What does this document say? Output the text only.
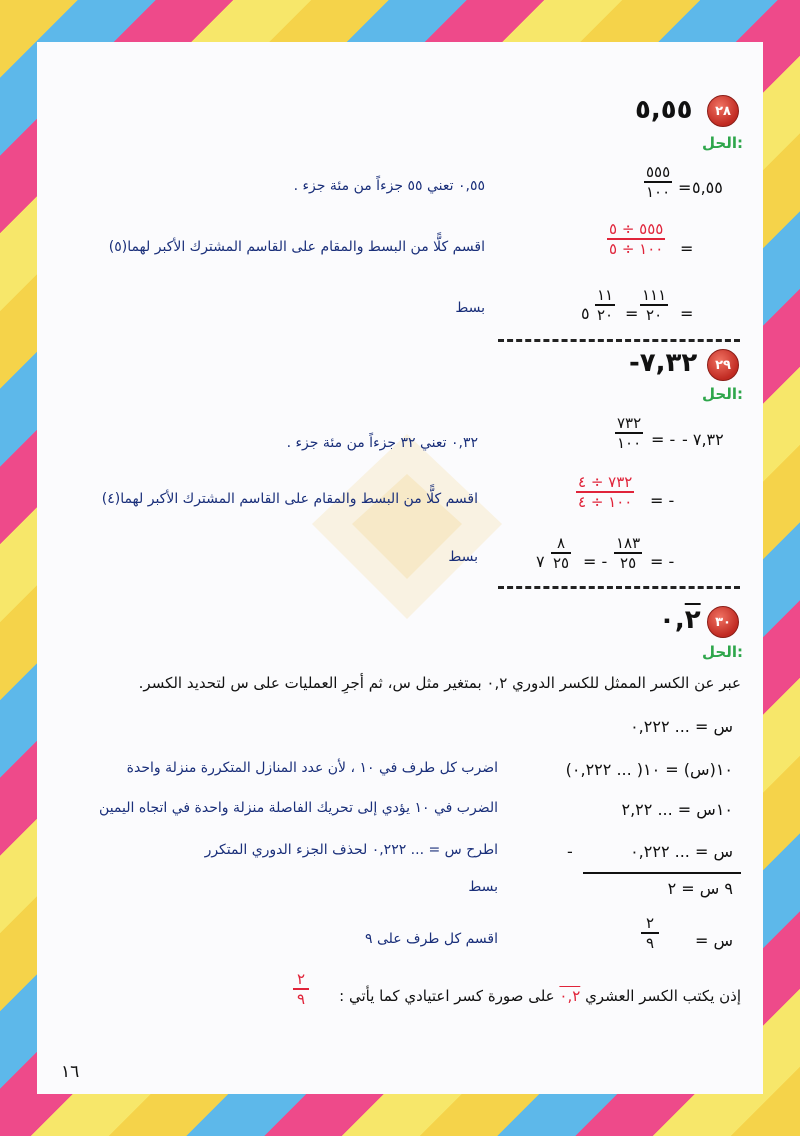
٢٨
٥,٥٥
الحل:
٥,٥٥
=
٥٥٥
١٠٠
٠,٥٥ تعني ٥٥ جزءاً من مئة جزء .
=
٥٥٥ ÷ ٥
١٠٠ ÷ ٥
اقسم كلًّا من البسط والمقام على القاسم المشترك الأكبر لهما(٥)
=
١١١
٢٠
=
١١
٢٠
٥
بسط
٢٩
-٧,٣٢
الحل:
- ٧,٣٢
= -
٧٣٢
١٠٠
٠,٣٢ تعني ٣٢ جزءاً من مئة جزء .
= -
٧٣٢ ÷ ٤
١٠٠ ÷ ٤
اقسم كلًّا من البسط والمقام على القاسم المشترك الأكبر لهما(٤)
= -
١٨٣
٢٥
= -
٨
٢٥
٧
بسط
٣٠
٠,٢
الحل:
عبر عن الكسر الممثل للكسر الدوري ٠,٢ بمتغير مثل س، ثم أجرِ العمليات على س لتحديد الكسر.
س = ... ٠,٢٢٢
١٠(س) = ١٠( ... ٠,٢٢٢)
اضرب كل طرف في ١٠ ، لأن عدد المنازل المتكررة منزلة واحدة
١٠س = ... ٢,٢٢
الضرب في ١٠ يؤدي إلى تحريك الفاصلة منزلة واحدة في اتجاه اليمين
-	س = ... ٠,٢٢٢
اطرح س = ... ٠,٢٢٢ لحذف الجزء الدوري المتكرر
٩ س = ٢
بسط
س =
٢
٩
اقسم كل طرف على ٩
إذن يكتب الكسر العشري ٠,٢ على صورة كسر اعتيادي كما يأتي :
٢
٩
١٦
